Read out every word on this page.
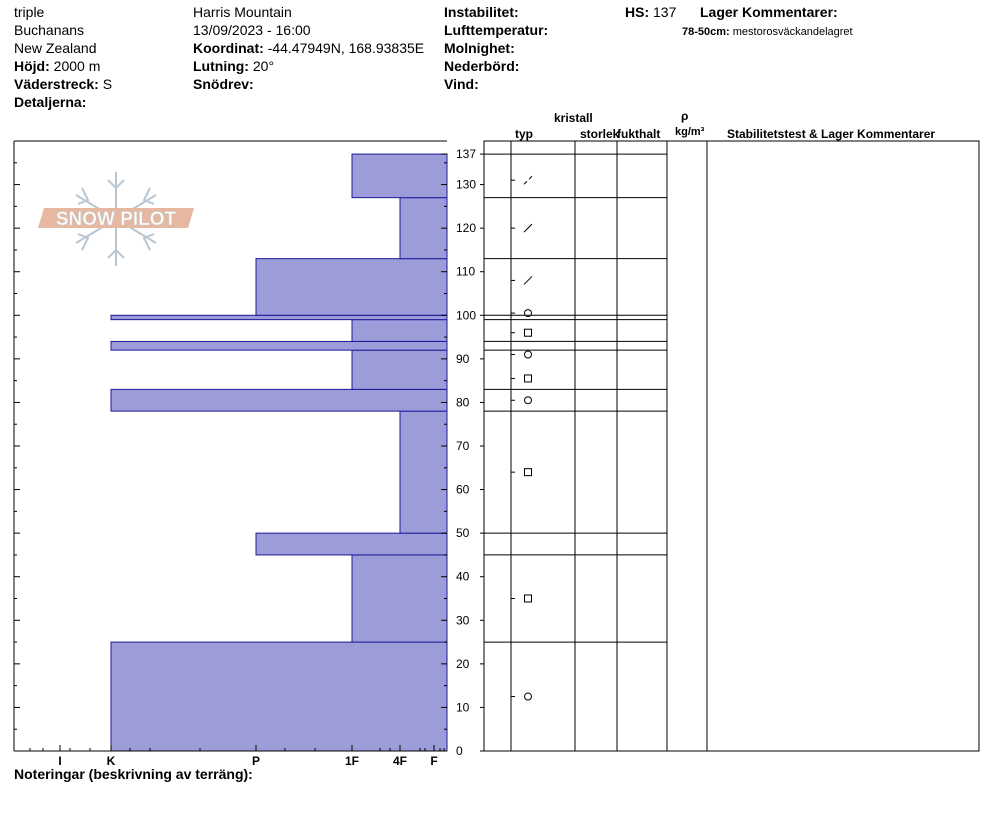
triple
Buchanans
New Zealand
Höjd: 2000 m
Väderstreck: S
Detaljerna:
Harris Mountain
13/09/2023 - 16:00
Koordinat: -44.47949N, 168.93835E
Lutning: 20°
Snödrev:
Instabilitet:
Lufttemperatur:
Molnighet:
Nederbörd:
Vind:
HS: 137 Lager Kommentarer:
78-50cm: mestorosväckandelagret
kristall
typ	storlek
fukthalt
ρ
kg/m³ Stabilitetstest & Lager Kommentarer
I	K	P	1F	4F F
0
10
20
30
40
50
60
70
80
90
100
110
120
130
137
SNOW PILOT
Noteringar (beskrivning av terräng):
